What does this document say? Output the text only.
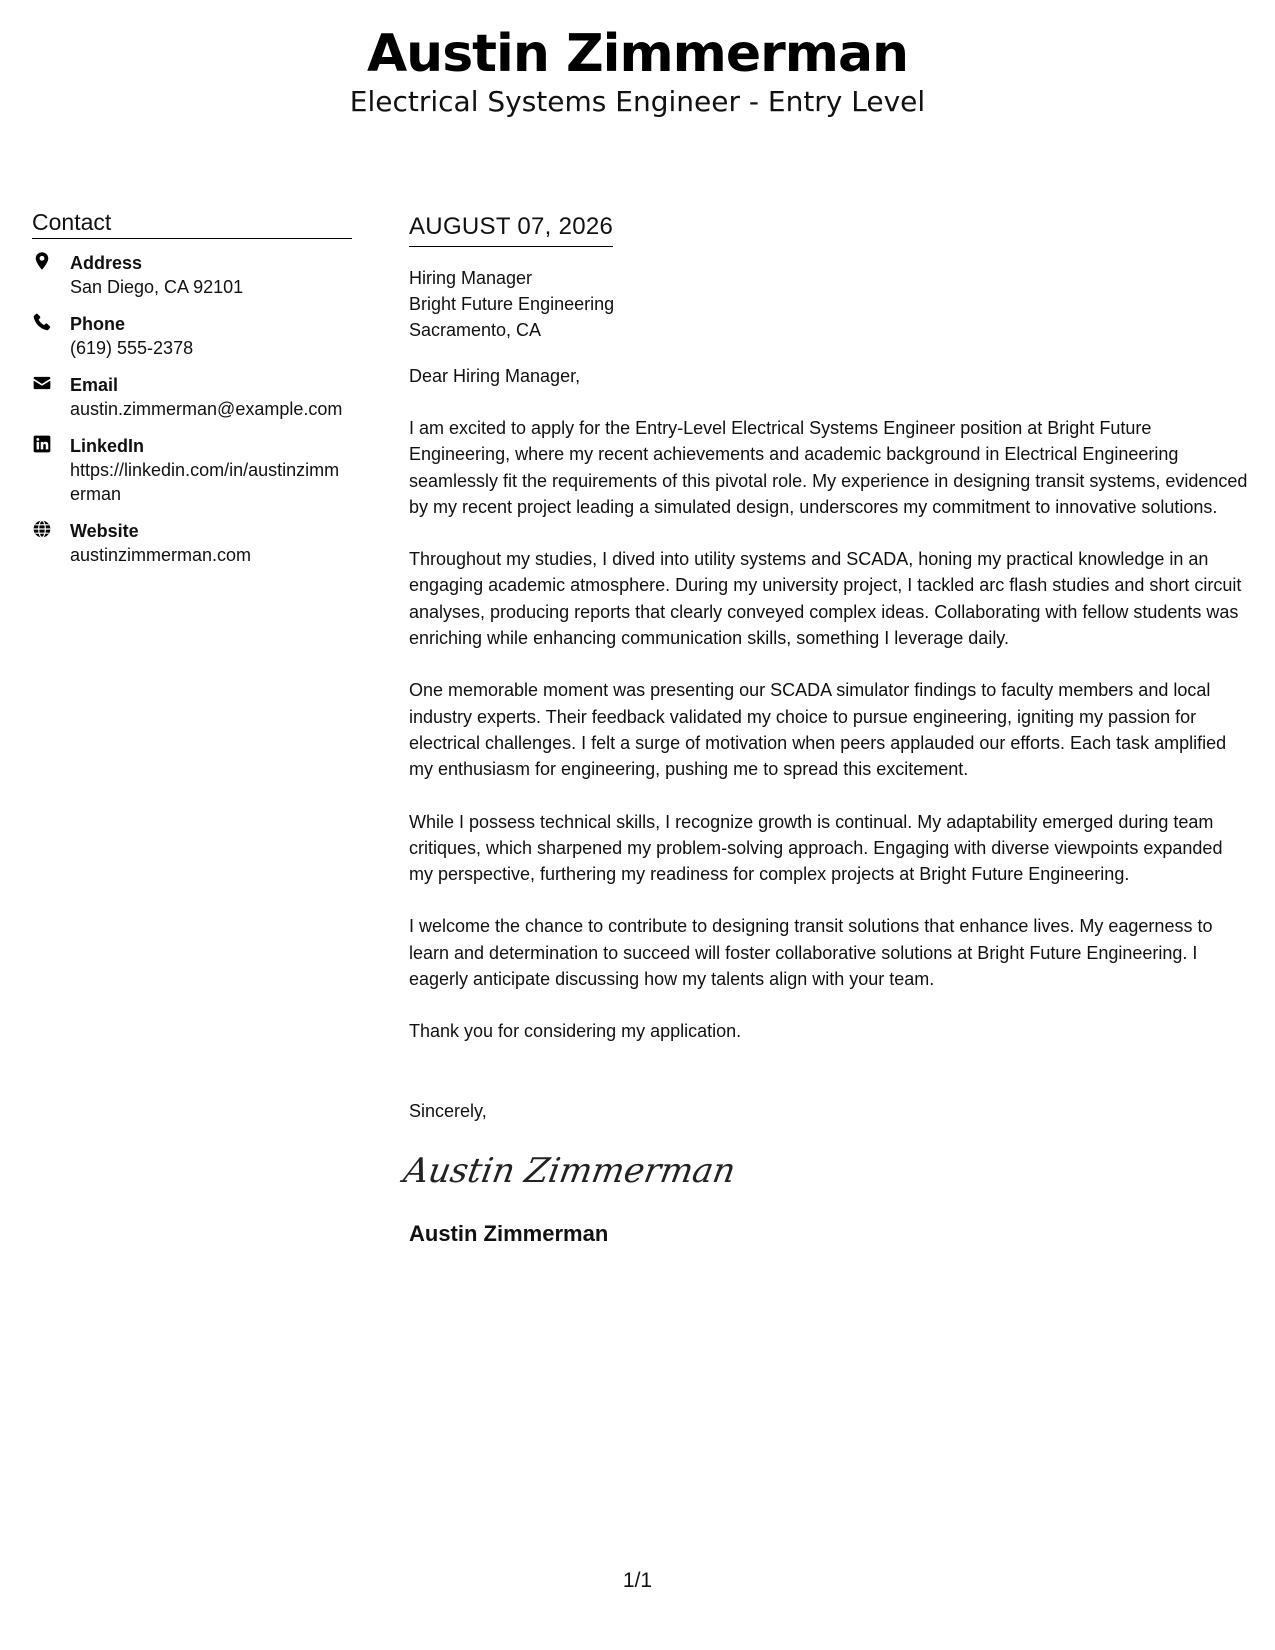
Austin Zimmerman
Electrical Systems Engineer - Entry Level
Contact
Address
San Diego, CA 92101
Phone
(619) 555-2378
Email
austin.zimmerman@example.com
LinkedIn
https://linkedin.com/in/austinzimmerman
Website
austinzimmerman.com
AUGUST 07, 2026
Hiring Manager
Bright Future Engineering
Sacramento, CA
Dear Hiring Manager,

I am excited to apply for the Entry-Level Electrical Systems Engineer position at Bright Future Engineering, where my recent achievements and academic background in Electrical Engineering seamlessly fit the requirements of this pivotal role. My experience in designing transit systems, evidenced by my recent project leading a simulated design, underscores my commitment to innovative solutions.

Throughout my studies, I dived into utility systems and SCADA, honing my practical knowledge in an engaging academic atmosphere. During my university project, I tackled arc flash studies and short circuit analyses, producing reports that clearly conveyed complex ideas. Collaborating with fellow students was enriching while enhancing communication skills, something I leverage daily.

One memorable moment was presenting our SCADA simulator findings to faculty members and local industry experts. Their feedback validated my choice to pursue engineering, igniting my passion for electrical challenges. I felt a surge of motivation when peers applauded our efforts. Each task amplified my enthusiasm for engineering, pushing me to spread this excitement.

While I possess technical skills, I recognize growth is continual. My adaptability emerged during team critiques, which sharpened my problem-solving approach. Engaging with diverse viewpoints expanded my perspective, furthering my readiness for complex projects at Bright Future Engineering.

I welcome the chance to contribute to designing transit solutions that enhance lives. My eagerness to learn and determination to succeed will foster collaborative solutions at Bright Future Engineering. I eagerly anticipate discussing how my talents align with your team.

Thank you for considering my application.
Sincerely,
Austin Zimmerman
Austin Zimmerman
1/1
